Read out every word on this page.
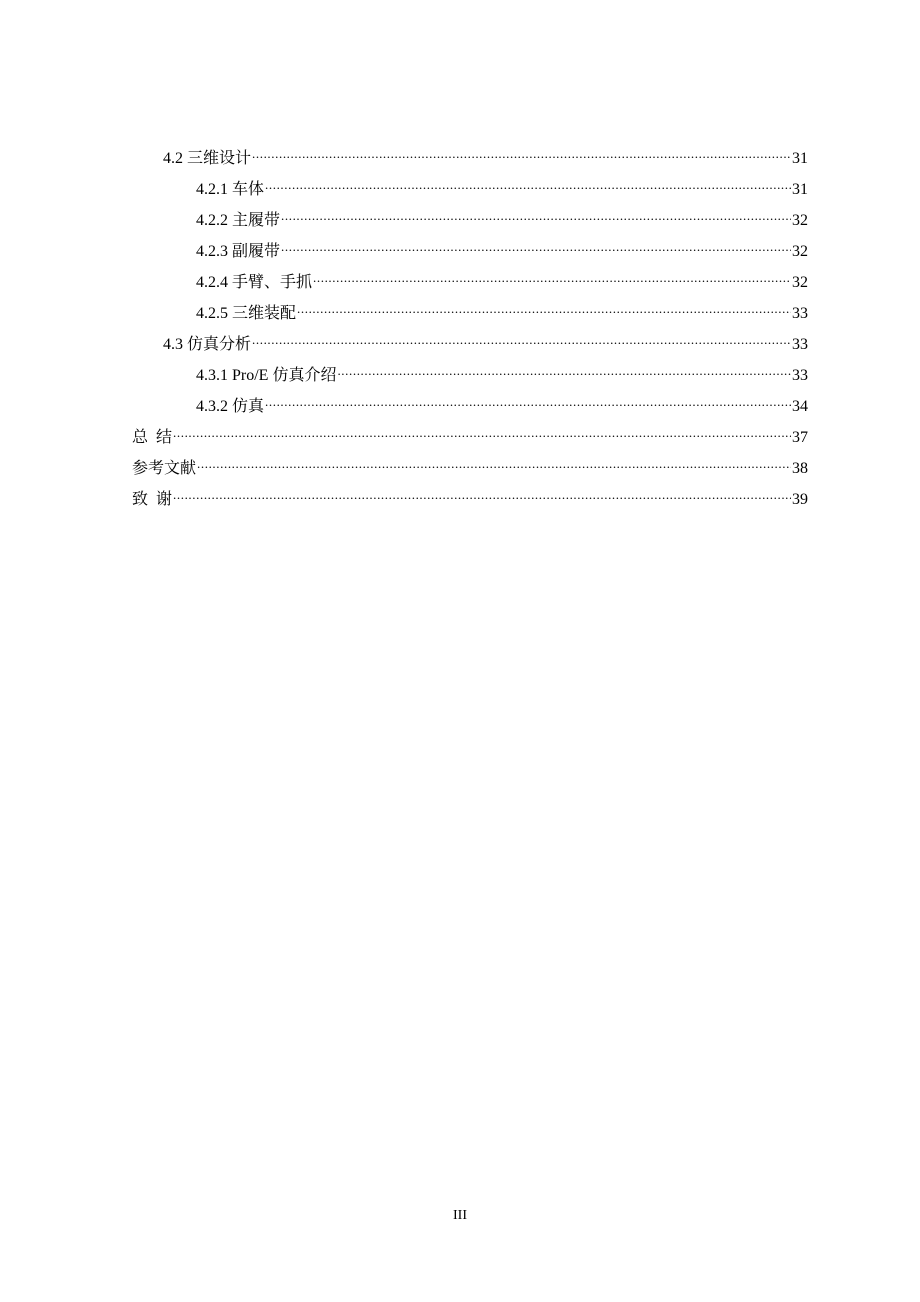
4.2 三维设计 .....	31
4.2.1 车体 .....	31
4.2.2 主履带 .....	32
4.2.3 副履带 .....	32
4.2.4 手臂、手抓 .....	32
4.2.5 三维装配 .....	33
4.3 仿真分析 .....	33
4.3.1 Pro/E 仿真介绍 .....	33
4.3.2 仿真 .....	34
总  结 .....	37
参考文献 .....	38
致  谢 .....	39
III
